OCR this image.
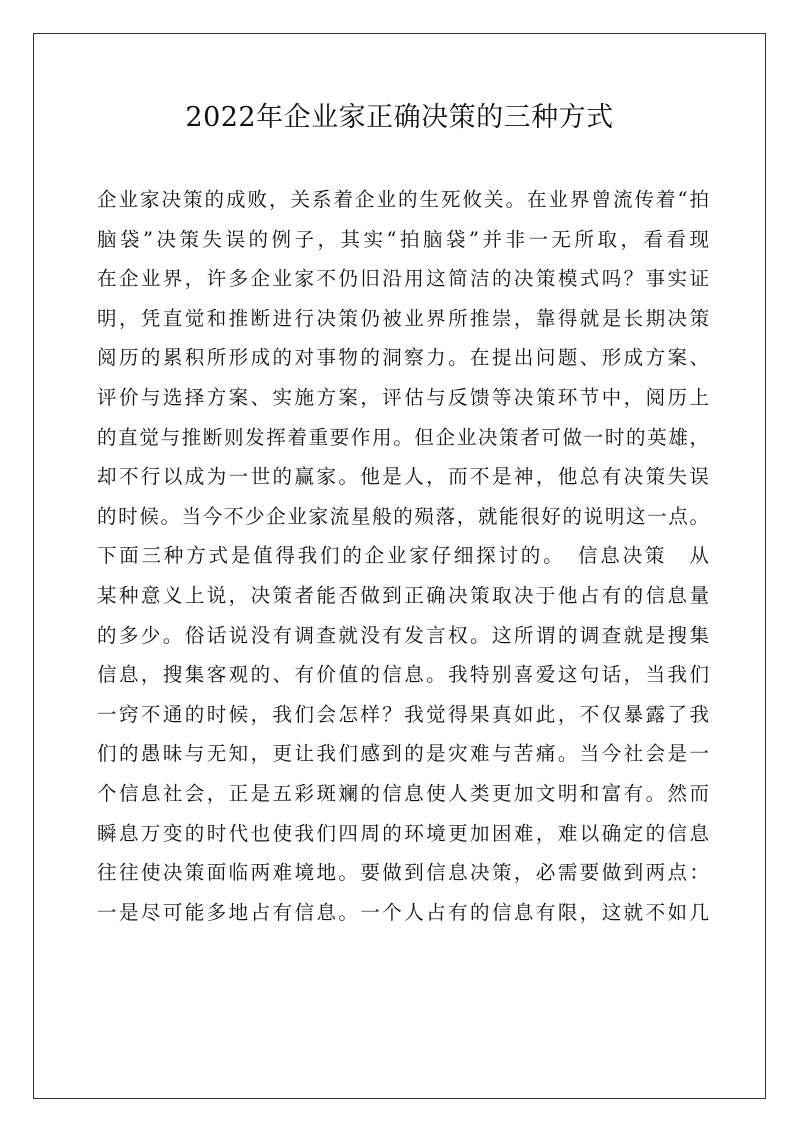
2022年企业家正确决策的三种方式
企业家决策的成败，关系着企业的生死攸关。在业界曾流传着“拍
脑袋”决策失误的例子，其实“拍脑袋”并非一无所取，看看现
在企业界，许多企业家不仍旧沿用这简洁的决策模式吗？事实证
明，凭直觉和推断进行决策仍被业界所推崇，靠得就是长期决策
阅历的累积所形成的对事物的洞察力。在提出问题、形成方案、
评价与选择方案、实施方案，评估与反馈等决策环节中，阅历上
的直觉与推断则发挥着重要作用。但企业决策者可做一时的英雄，
却不行以成为一世的赢家。他是人，而不是神，他总有决策失误
的时候。当今不少企业家流星般的殒落，就能很好的说明这一点。
下面三种方式是值得我们的企业家仔细探讨的。　信息决策　从
某种意义上说，决策者能否做到正确决策取决于他占有的信息量
的多少。俗话说没有调查就没有发言权。这所谓的调查就是搜集
信息，搜集客观的、有价值的信息。我特别喜爱这句话，当我们
一窍不通的时候，我们会怎样？我觉得果真如此，不仅暴露了我
们的愚昧与无知，更让我们感到的是灾难与苦痛。当今社会是一
个信息社会，正是五彩斑斓的信息使人类更加文明和富有。然而
瞬息万变的时代也使我们四周的环境更加困难，难以确定的信息
往往使决策面临两难境地。要做到信息决策，必需要做到两点：
一是尽可能多地占有信息。一个人占有的信息有限，这就不如几
